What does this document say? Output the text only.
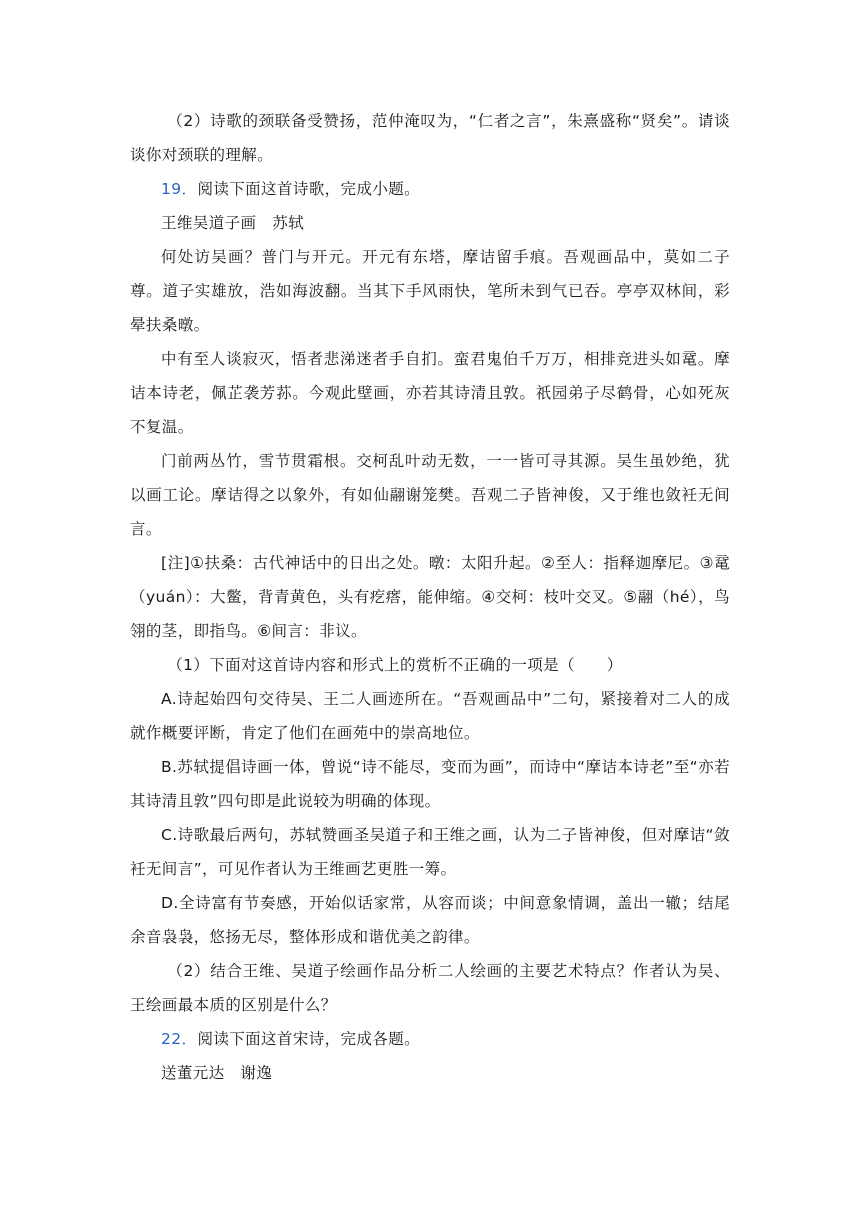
（2）诗歌的颈联备受赞扬，范仲淹叹为，“仁者之言”，朱熹盛称“贤矣”。请谈谈你对颈联的理解。

19．阅读下面这首诗歌，完成小题。

王维吴道子画　苏轼

何处访吴画？普门与开元。开元有东塔，摩诘留手痕。吾观画品中，莫如二子尊。道子实雄放，浩如海波翻。当其下手风雨快，笔所未到气已吞。亭亭双林间，彩晕扶桑暾。

中有至人谈寂灭，悟者悲涕迷者手自扪。蛮君鬼伯千万万，相排竞进头如鼋。摩诘本诗老，佩芷袭芳荪。今观此壁画，亦若其诗清且敦。祇园弟子尽鹤骨，心如死灰不复温。

门前两丛竹，雪节贯霜根。交柯乱叶动无数，一一皆可寻其源。吴生虽妙绝，犹以画工论。摩诘得之以象外，有如仙翮谢笼樊。吾观二子皆神俊，又于维也敛衽无间言。

[注]①扶桑：古代神话中的日出之处。暾：太阳升起。②至人：指释迦摩尼。③鼋（yuán）：大鳖，背青黄色，头有疙瘩，能伸缩。④交柯：枝叶交叉。⑤翮（hé），鸟翎的茎，即指鸟。⑥间言：非议。

（1）下面对这首诗内容和形式上的赏析不正确的一项是（　　）

A.诗起始四句交待吴、王二人画迹所在。“吾观画品中”二句，紧接着对二人的成就作概要评断，肯定了他们在画苑中的崇高地位。

B.苏轼提倡诗画一体，曾说“诗不能尽，变而为画”，而诗中“摩诘本诗老”至“亦若其诗清且敦”四句即是此说较为明确的体现。

C.诗歌最后两句，苏轼赞画圣吴道子和王维之画，认为二子皆神俊，但对摩诘“敛衽无间言”，可见作者认为王维画艺更胜一筹。

D.全诗富有节奏感，开始似话家常，从容而谈；中间意象情调，盖出一辙；结尾余音袅袅，悠扬无尽，整体形成和谐优美之韵律。

（2）结合王维、吴道子绘画作品分析二人绘画的主要艺术特点？作者认为吴、王绘画最本质的区别是什么？

22．阅读下面这首宋诗，完成各题。

送董元达　谢逸
